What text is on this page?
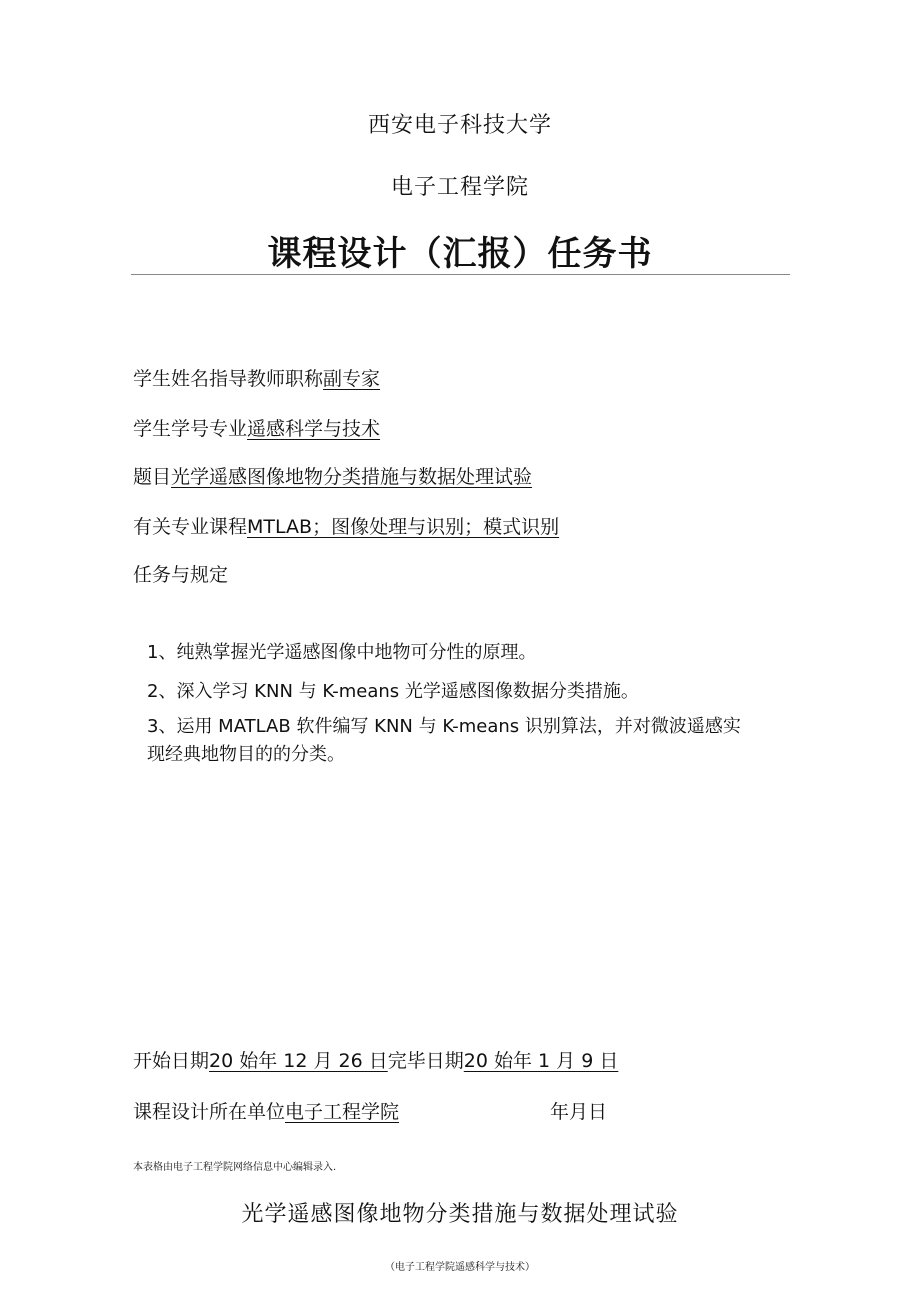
西安电子科技大学
电子工程学院
课程设计（汇报）任务书
学生姓名指导教师职称副专家
学生学号专业遥感科学与技术
题目光学遥感图像地物分类措施与数据处理试验
有关专业课程MTLAB；图像处理与识别；模式识别
任务与规定
1、纯熟掌握光学遥感图像中地物可分性的原理。
2、深入学习 KNN 与 K-means 光学遥感图像数据分类措施。
3、运用 MATLAB 软件编写 KNN 与 K-means 识别算法，并对微波遥感实
现经典地物目的的分类。
开始日期20 始年 12 月 26 日完毕日期20 始年 1 月 9 日
课程设计所在单位电子工程学院	年月日
本表格由电子工程学院网络信息中心编辑录入.
光学遥感图像地物分类措施与数据处理试验
（电子工程学院遥感科学与技术）
